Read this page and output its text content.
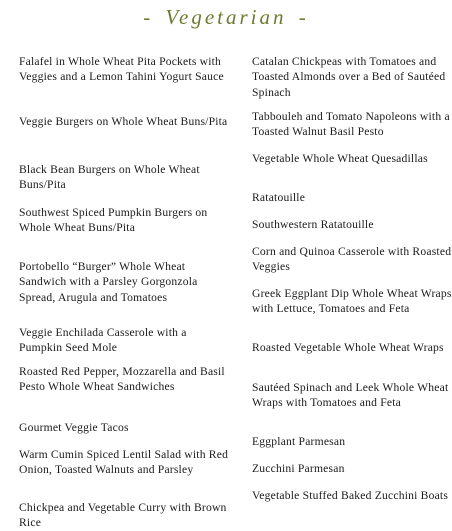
- Vegetarian -

Falafel in Whole Wheat Pita Pockets with Veggies and a Lemon Tahini Yogurt Sauce

Veggie Burgers on Whole Wheat Buns/Pita

Black Bean Burgers on Whole Wheat Buns/Pita

Southwest Spiced Pumpkin Burgers on Whole Wheat Buns/Pita

Portobello “Burger” Whole Wheat Sandwich with a Parsley Gorgonzola Spread, Arugula and Tomatoes

Veggie Enchilada Casserole with a Pumpkin Seed Mole

Roasted Red Pepper, Mozzarella and Basil Pesto Whole Wheat Sandwiches

Gourmet Veggie Tacos

Warm Cumin Spiced Lentil Salad with Red Onion, Toasted Walnuts and Parsley

Chickpea and Vegetable Curry with Brown Rice

Catalan Chickpeas with Tomatoes and Toasted Almonds over a Bed of Sautéed Spinach

Tabbouleh and Tomato Napoleons with a Toasted Walnut Basil Pesto

Vegetable Whole Wheat Quesadillas

Ratatouille

Southwestern Ratatouille

Corn and Quinoa Casserole with Roasted Veggies

Greek Eggplant Dip Whole Wheat Wraps with Lettuce, Tomatoes and Feta

Roasted Vegetable Whole Wheat Wraps

Sautéed Spinach and Leek Whole Wheat Wraps with Tomatoes and Feta

Eggplant Parmesan

Zucchini Parmesan

Vegetable Stuffed Baked Zucchini Boats
